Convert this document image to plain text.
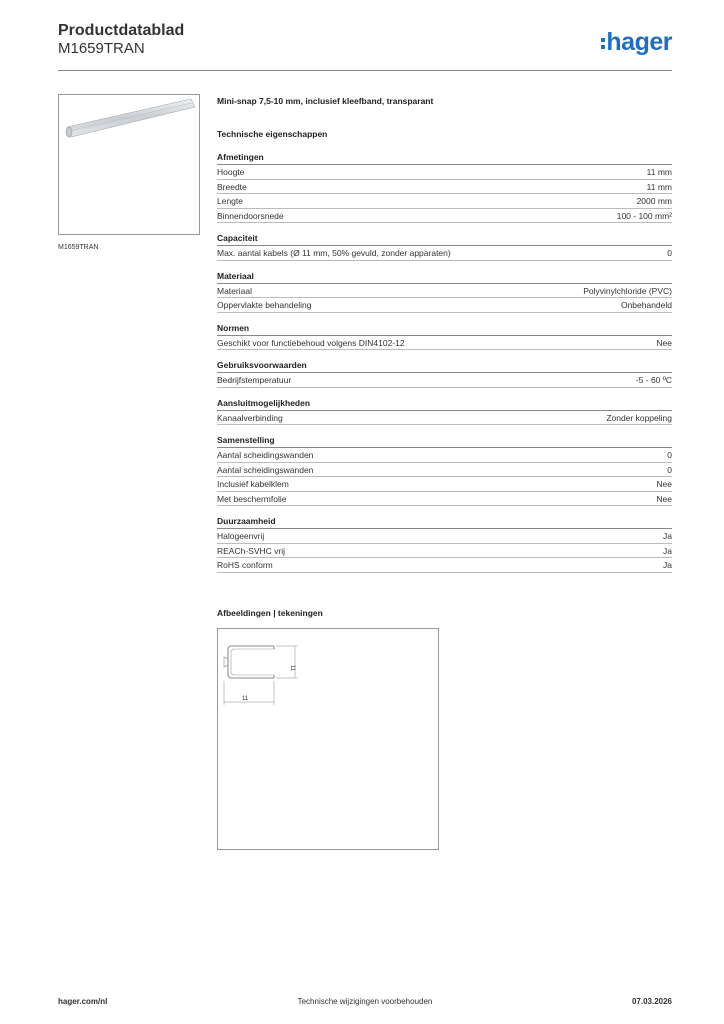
Productdatablad
M1659TRAN	hager
M1659TRAN
Mini-snap 7,5-10 mm, inclusief kleefband, transparant
Technische eigenschappen
Afmetingen
Hoogte	11 mm
Breedte	11 mm
Lengte	2000 mm
Binnendoorsnede	100 - 100 mm²
Capaciteit
Max. aantal kabels (Ø 11 mm, 50% gevuld, zonder apparaten)	0
Materiaal
Materiaal	Polyvinylchloride (PVC)
Oppervlakte behandeling	Onbehandeld
Normen
Geschikt voor functiebehoud volgens DIN4102-12	Nee
Gebruiksvoorwaarden
Bedrijfstemperatuur	-5 - 60 ºC
Aansluitmogelijkheden
Kanaalverbinding	Zonder koppeling
Samenstelling
Aantal scheidingswanden	0
Aantal scheidingswanden	0
Inclusief kabelklem	Nee
Met beschermfolie	Nee
Duurzaamheid
Halogeenvrij	Ja
REACh-SVHC vrij	Ja
RoHS conform	Ja
Afbeeldingen | tekeningen
11
11
hager.com/nl	Technische wijzigingen voorbehouden	07.03.2026
